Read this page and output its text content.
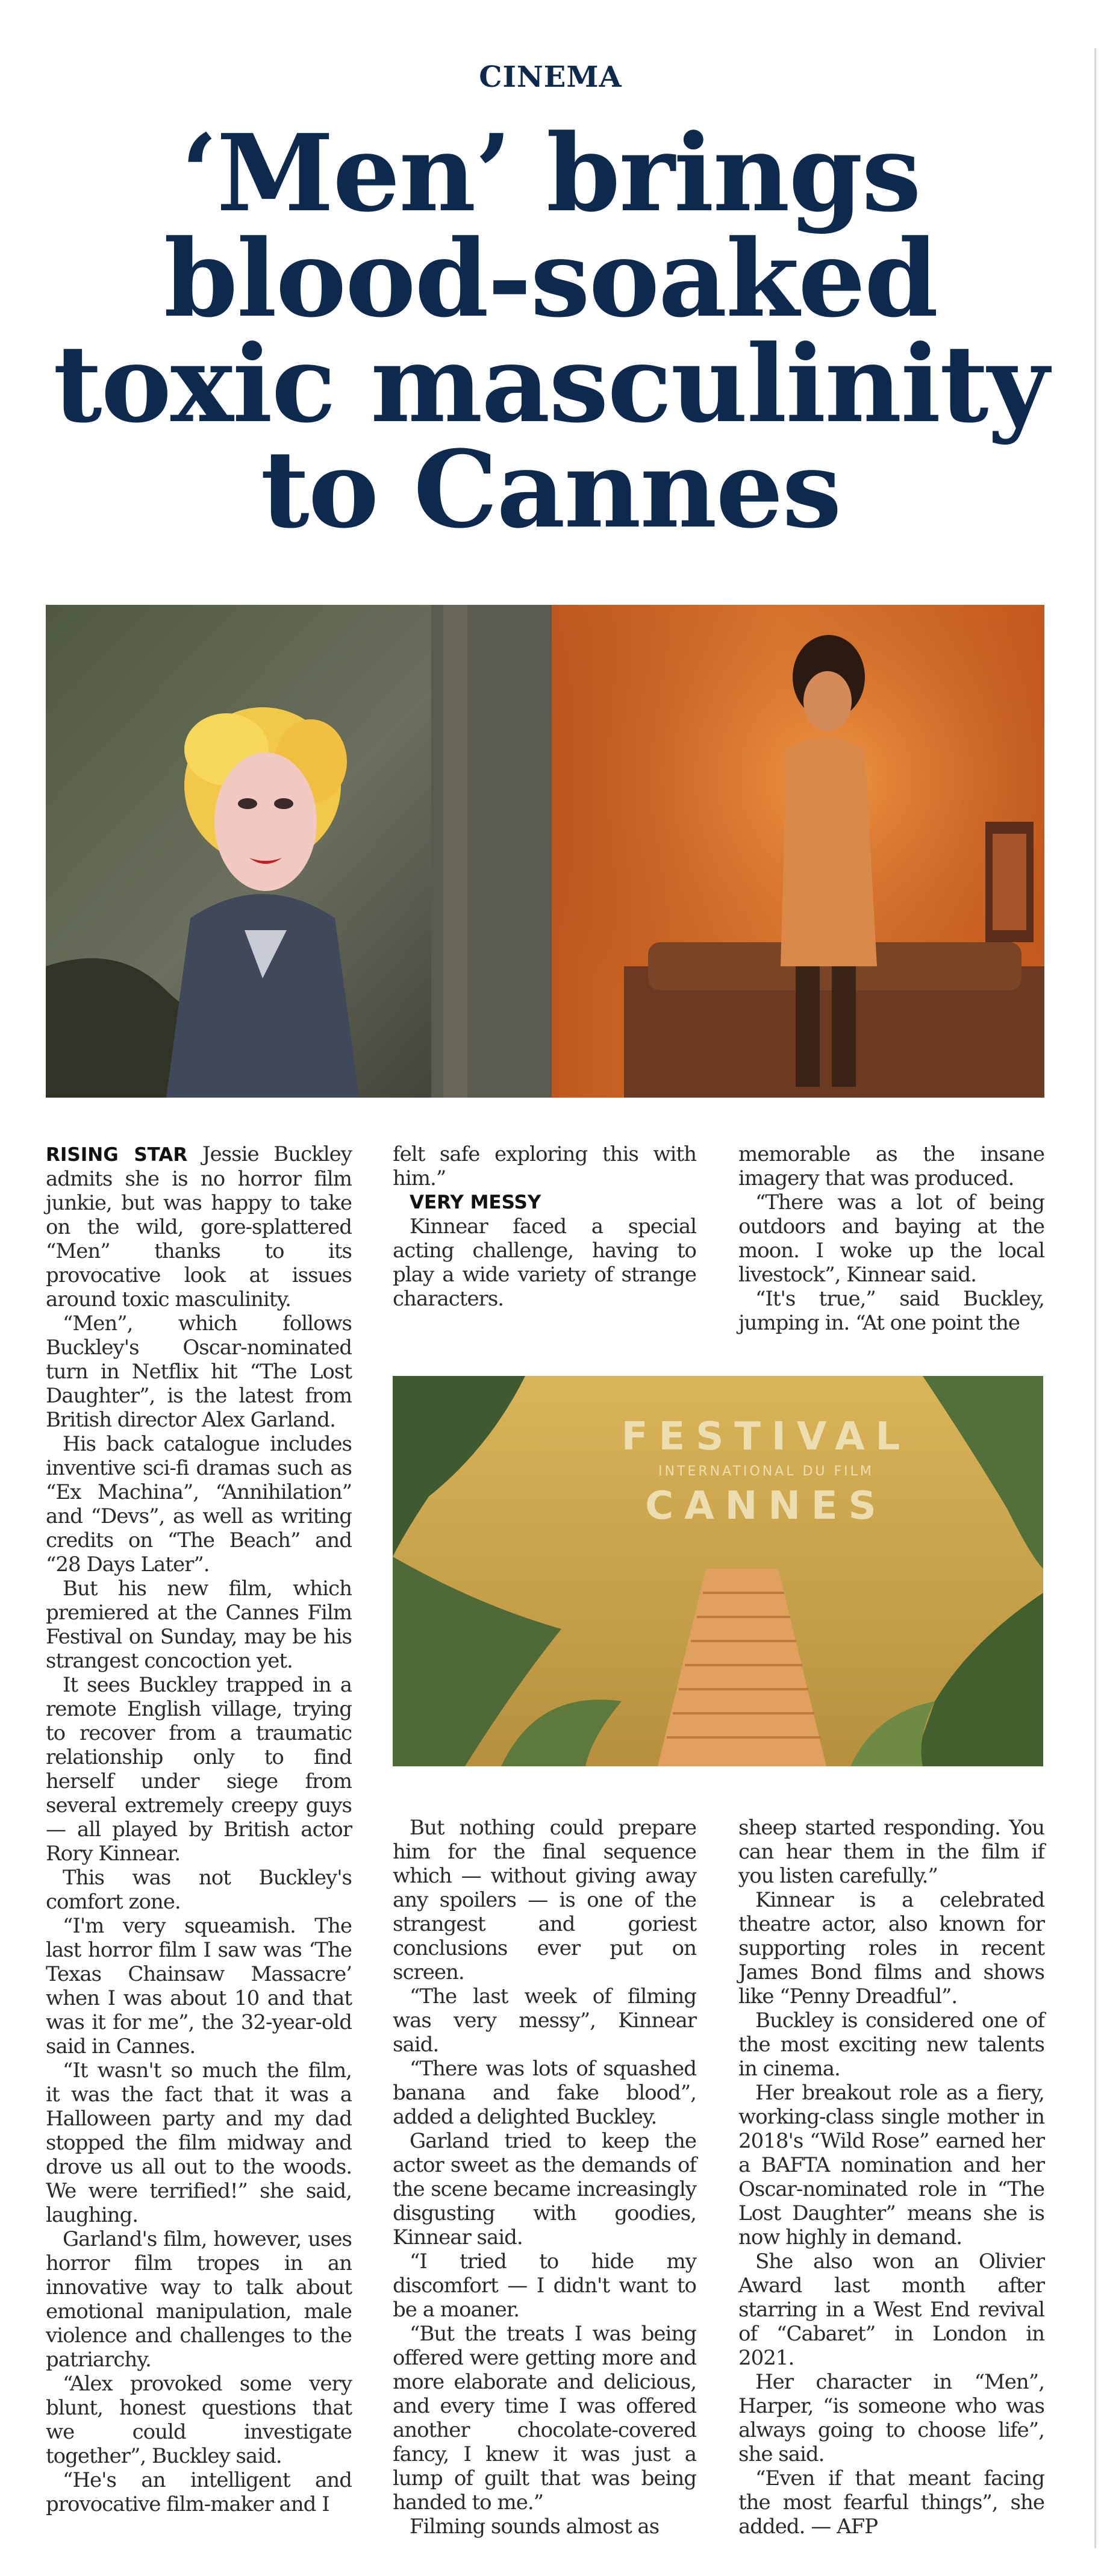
CINEMA
‘Men’ brings
blood-soaked
toxic masculinity
to Cannes
FESTIVAL
INTERNATIONAL DU FILM
CANNES

RISING STAR Jessie Buckley admits she is no horror film junkie, but was happy to take on the wild, gore-splattered “Men” thanks to its provocative look at issues around toxic masculinity.

“Men”, which follows Buckley's Oscar-nominated turn in Netflix hit “The Lost Daughter”, is the latest from British director Alex Garland.

His back catalogue includes inventive sci-fi dramas such as “Ex Machina”, “Annihilation” and “Devs”, as well as writing credits on “The Beach” and “28 Days Later”.

But his new film, which premiered at the Cannes Film Festival on Sunday, may be his strangest concoction yet.

It sees Buckley trapped in a remote English village, trying to recover from a traumatic relationship only to find herself under siege from several extremely creepy guys — all played by British actor Rory Kinnear.

This was not Buckley's comfort zone.

“I'm very squeamish. The last horror film I saw was ‘The Texas Chainsaw Massacre’ when I was about 10 and that was it for me”, the 32-year-old said in Cannes.

“It wasn't so much the film, it was the fact that it was a Halloween party and my dad stopped the film midway and drove us all out to the woods. We were terrified!” she said, laughing.

Garland's film, however, uses horror film tropes in an innovative way to talk about emotional manipulation, male violence and challenges to the patriarchy.

“Alex provoked some very blunt, honest questions that we could investigate together”, Buckley said.

“He's an intelligent and provocative film-maker and I

felt safe exploring this with him.”

VERY MESSY

Kinnear faced a special acting challenge, having to play a wide variety of strange characters.

memorable as the insane imagery that was produced.

“There was a lot of being outdoors and baying at the moon. I woke up the local livestock”, Kinnear said.

“It's true,” said Buckley, jumping in. “At one point the

But nothing could prepare him for the final sequence which — without giving away any spoilers — is one of the strangest and goriest conclusions ever put on screen.

“The last week of filming was very messy”, Kinnear said.

“There was lots of squashed banana and fake blood”, added a delighted Buckley.

Garland tried to keep the actor sweet as the demands of the scene became increasingly disgusting with goodies, Kinnear said.

“I tried to hide my discomfort — I didn't want to be a moaner.

“But the treats I was being offered were getting more and more elaborate and delicious, and every time I was offered another chocolate-covered fancy, I knew it was just a lump of guilt that was being handed to me.”

Filming sounds almost as

sheep started responding. You can hear them in the film if you listen carefully.”

Kinnear is a celebrated theatre actor, also known for supporting roles in recent James Bond films and shows like “Penny Dreadful”.

Buckley is considered one of the most exciting new talents in cinema.

Her breakout role as a fiery, working-class single mother in 2018's “Wild Rose” earned her a BAFTA nomination and her Oscar-nominated role in “The Lost Daughter” means she is now highly in demand.

She also won an Olivier Award last month after starring in a West End revival of “Cabaret” in London in 2021.

Her character in “Men”, Harper, “is someone who was always going to choose life”, she said.

“Even if that meant facing the most fearful things”, she added. — AFP
